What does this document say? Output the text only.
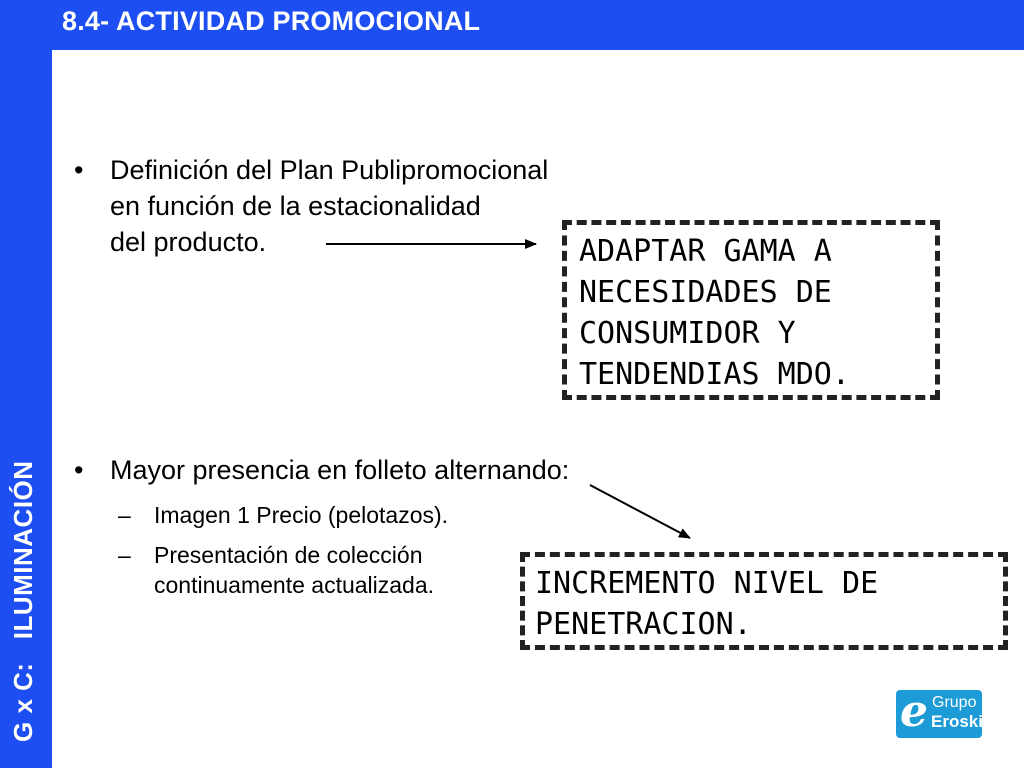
8.4- ACTIVIDAD PROMOCIONAL
G x C:   ILUMINACIÓN
• Definición del Plan Publipromocional
en función de la estacionalidad
del producto.
• Mayor presencia en folleto alternando:
– Imagen 1 Precio (pelotazos).
– Presentación de colección
continuamente actualizada.
ADAPTAR GAMA A
NECESIDADES DE
CONSUMIDOR Y
TENDENDIAS MDO.
INCREMENTO NIVEL DE
PENETRACION.
e Grupo
Eroski
